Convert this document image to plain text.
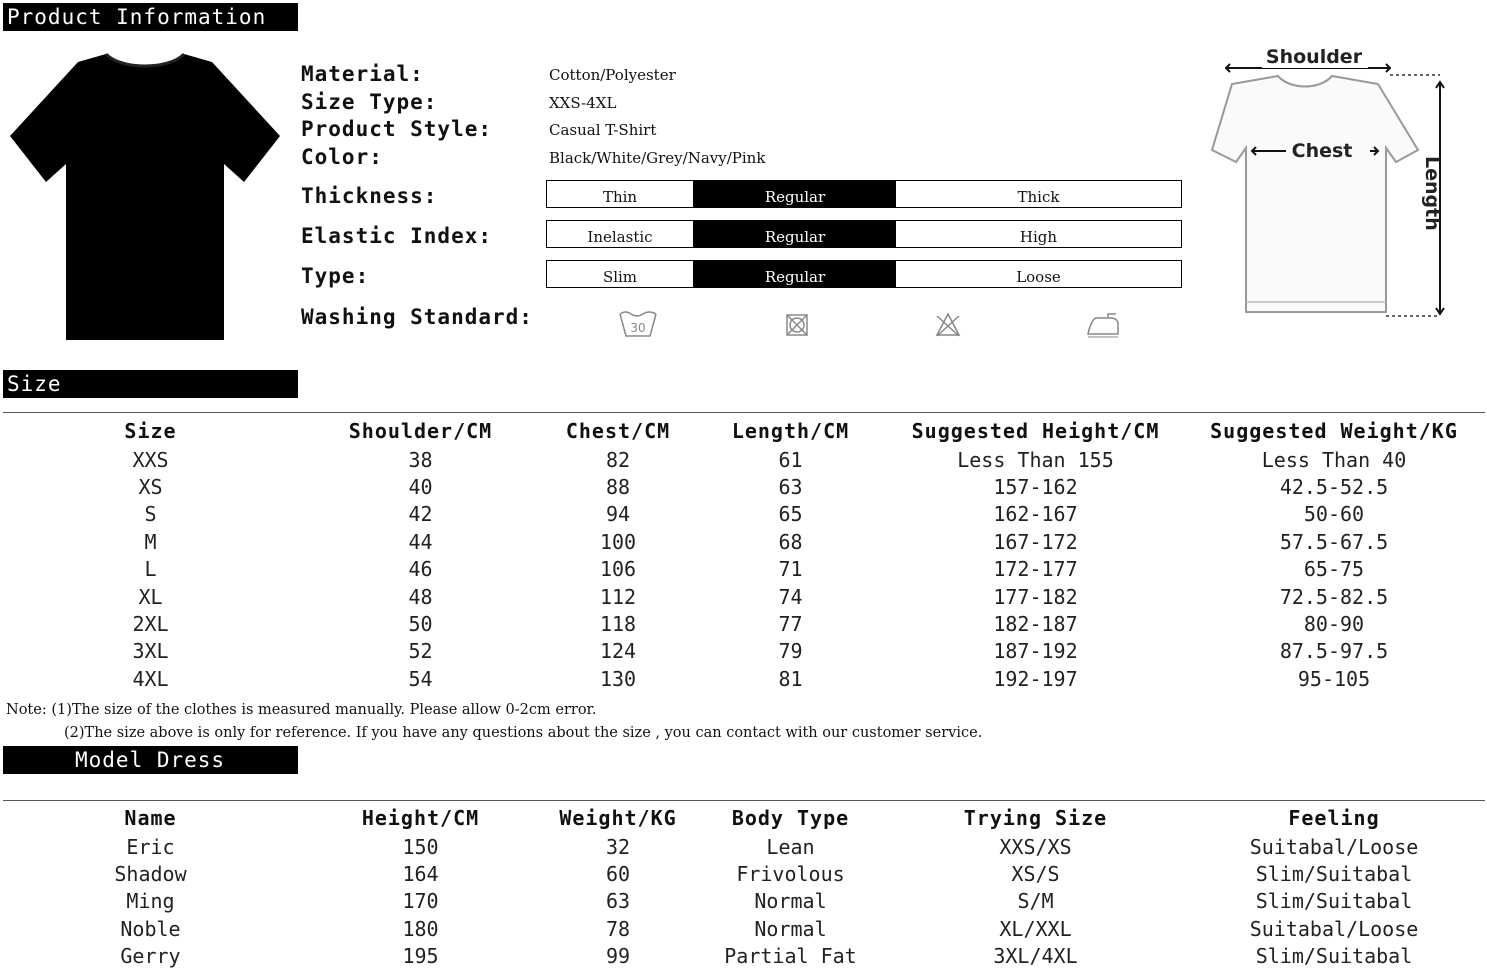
Product Information
Material:	Cotton/Polyester
Size Type:	XXS-4XL
Product Style:	Casual T-Shirt
Color:	Black/White/Grey/Navy/Pink
Thickness:	Thin	Regular	Thick
Elastic Index:	Inelastic	Regular	High
Type:	Slim	Regular	Loose
Washing Standard:	30
Shoulder
Length
Chest
Size
Size	Shoulder/CM	Chest/CM	Length/CM	Suggested Height/CM	Suggested Weight/KG
XXS	38	82	61	Less Than 155	Less Than 40
XS	40	88	63	157-162	42.5-52.5
S	42	94	65	162-167	50-60
M	44	100	68	167-172	57.5-67.5
L	46	106	71	172-177	65-75
XL	48	112	74	177-182	72.5-82.5
2XL	50	118	77	182-187	80-90
3XL	52	124	79	187-192	87.5-97.5
4XL	54	130	81	192-197	95-105
Note: (1)The size of the clothes is measured manually. Please allow 0-2cm error.
(2)The size above is only for reference. If you have any questions about the size , you can contact with our customer service.
Model Dress
Name	Height/CM	Weight/KG	Body Type	Trying Size	Feeling
Eric	150	32	Lean	XXS/XS	Suitabal/Loose
Shadow	164	60	Frivolous	XS/S	Slim/Suitabal
Ming	170	63	Normal	S/M	Slim/Suitabal
Noble	180	78	Normal	XL/XXL	Suitabal/Loose
Gerry	195	99	Partial Fat	3XL/4XL	Slim/Suitabal
